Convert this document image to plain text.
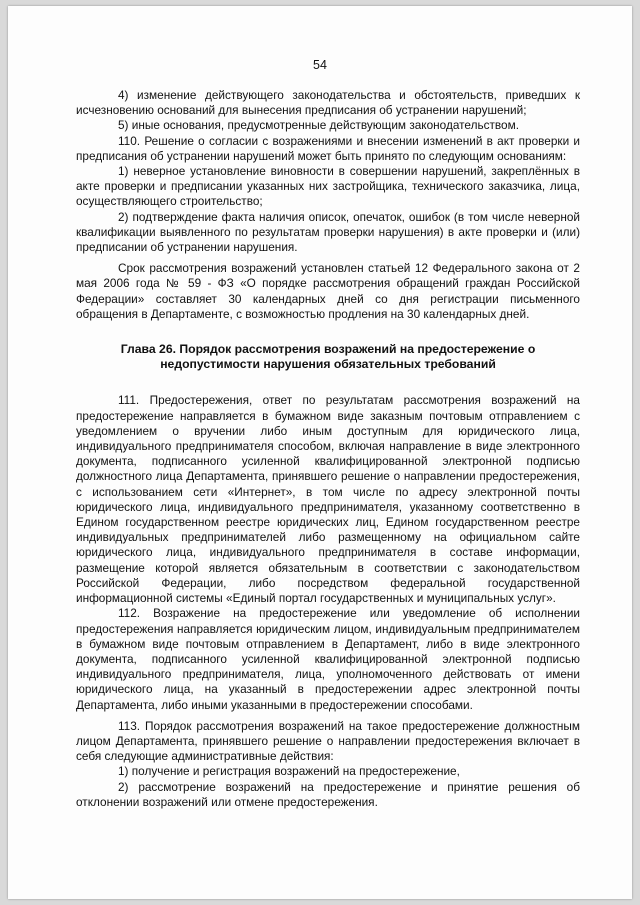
54

4) изменение действующего законодательства и обстоятельств, приведших к исчезновению оснований для вынесения предписания об устранении нарушений;

5) иные основания, предусмотренные действующим законодательством.

110. Решение о согласии с возражениями и внесении изменений в акт проверки и предписания об устранении нарушений может быть принято по следующим основаниям:

1) неверное установление виновности в совершении нарушений, закреплённых в акте проверки и предписании указанных них застройщика, технического заказчика, лица, осуществляющего строительство;

2) подтверждение факта наличия описок, опечаток, ошибок (в том числе неверной квалификации выявленного по результатам проверки нарушения) в акте проверки и (или) предписании об устранении нарушения.

Срок рассмотрения возражений установлен статьей 12 Федерального закона от 2 мая 2006 года № 59 - ФЗ «О порядке рассмотрения обращений граждан Российской Федерации» составляет 30 календарных дней со дня регистрации письменного обращения в Департаменте, с возможностью продления на 30 календарных дней.

Глава 26. Порядок рассмотрения возражений на предостережение о
недопустимости нарушения обязательных требований

111. Предостережения, ответ по результатам рассмотрения возражений на предостережение направляется в бумажном виде заказным почтовым отправлением с уведомлением о вручении либо иным доступным для юридического лица, индивидуального предпринимателя способом, включая направление в виде электронного документа, подписанного усиленной квалифицированной электронной подписью должностного лица Департамента, принявшего решение о направлении предостережения, с использованием сети «Интернет», в том числе по адресу электронной почты юридического лица, индивидуального предпринимателя, указанному соответственно в Едином государственном реестре юридических лиц, Едином государственном реестре индивидуальных предпринимателей либо размещенному на официальном сайте юридического лица, индивидуального предпринимателя в составе информации, размещение которой является обязательным в соответствии с законодательством Российской Федерации, либо посредством федеральной государственной информационной системы «Единый портал государственных и муниципальных услуг».

112. Возражение на предостережение или уведомление об исполнении предостережения направляется юридическим лицом, индивидуальным предпринимателем в бумажном виде почтовым отправлением в Департамент, либо в виде электронного документа, подписанного усиленной квалифицированной электронной подписью индивидуального предпринимателя, лица, уполномоченного действовать от имени юридического лица, на указанный в предостережении адрес электронной почты Департамента, либо иными указанными в предостережении способами.

113. Порядок рассмотрения возражений на такое предостережение должностным лицом Департамента, принявшего решение о направлении предостережения включает в себя следующие административные действия:

1) получение и регистрация возражений на предостережение,

2) рассмотрение возражений на предостережение и принятие решения об отклонении возражений или отмене предостережения.
